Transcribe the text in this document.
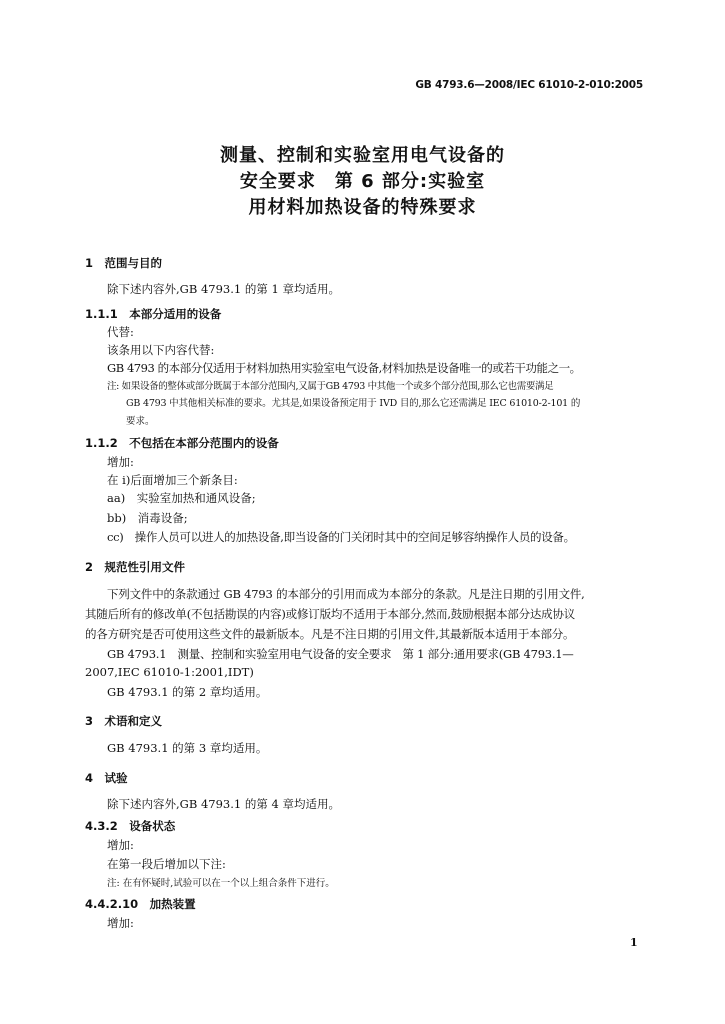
GB 4793.6—2008/IEC 61010-2-010:2005
测量、控制和实验室用电气设备的
安全要求　第 6 部分:实验室
用材料加热设备的特殊要求
1　范围与目的
除下述内容外,GB 4793.1 的第 1 章均适用。
1.1.1　本部分适用的设备
代替:
该条用以下内容代替:
GB 4793 的本部分仅适用于材料加热用实验室电气设备,材料加热是设备唯一的或若干功能之一。
注: 如果设备的整体或部分既属于本部分范围内,又属于GB 4793 中其他一个或多个部分范围,那么它也需要满足
GB 4793 中其他相关标准的要求。尤其是,如果设备预定用于 IVD 目的,那么它还需满足 IEC 61010-2-101 的
要求。
1.1.2　不包括在本部分范围内的设备
增加:
在 i)后面增加三个新条目:
aa)　实验室加热和通风设备;
bb)　消毒设备;
cc)　操作人员可以进人的加热设备,即当设备的门关闭时其中的空间足够容纳操作人员的设备。
2　规范性引用文件
下列文件中的条款通过 GB 4793 的本部分的引用而成为本部分的条款。凡是注日期的引用文件,
其随后所有的修改单(不包括勘误的内容)或修订版均不适用于本部分,然而,鼓励根据本部分达成协议
的各方研究是否可使用这些文件的最新版本。凡是不注日期的引用文件,其最新版本适用于本部分。
GB 4793.1　测量、控制和实验室用电气设备的安全要求　第 1 部分:通用要求(GB 4793.1—
2007,IEC 61010-1:2001,IDT)
GB 4793.1 的第 2 章均适用。
3　术语和定义
GB 4793.1 的第 3 章均适用。
4　试验
除下述内容外,GB 4793.1 的第 4 章均适用。
4.3.2　设备状态
增加:
在第一段后增加以下注:
注: 在有怀疑时,试验可以在一个以上组合条件下进行。
4.4.2.10　加热装置
增加:
1
